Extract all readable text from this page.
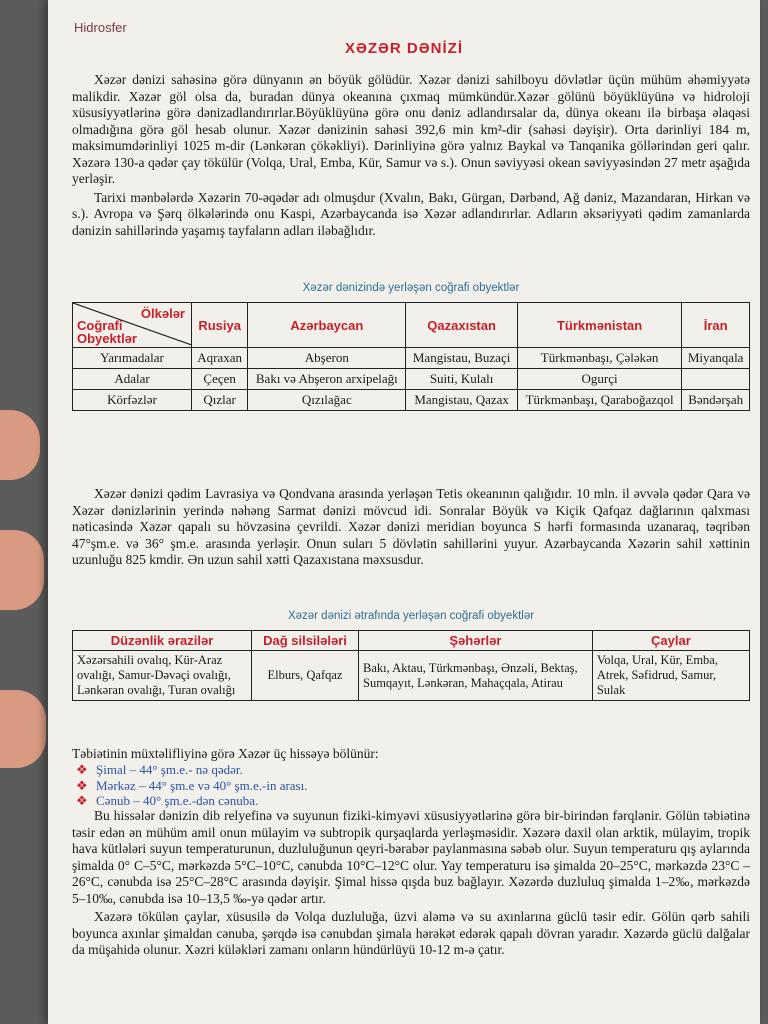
Hidrosfer
XƏZƏR DƏNİZİ

Xəzər dənizi sahəsinə görə dünyanın ən böyük gölüdür. Xəzər dənizi sahilboyu dövlətlər üçün mühüm əhəmiyyətə malikdir. Xəzər göl olsa da, buradan dünya okeanına çıxmaq mümkündür.Xəzər gölünü böyüklüyünə və hidroloji xüsusiyyətlərinə görə dənizadlandırırlar.Böyüklüyünə görə onu dəniz adlandırsalar da, dünya okeanı ilə birbaşa əlaqəsi olmadığına görə göl hesab olunur. Xəzər dənizinin sahəsi 392,6 min km²-dir (sahəsi dəyişir). Orta dərinliyi 184 m, maksimumdərinliyi 1025 m-dir (Lənkəran çökəkliyi). Dərinliyinə görə yalnız Baykal və Tanqanika göllərindən geri qalır. Xəzərə 130-a qədər çay tökülür (Volqa, Ural, Emba, Kür, Samur və s.). Onun səviyyəsi okean səviyyəsindən 27 metr aşağıda yerləşir.

Tarixi mənbələrdə Xəzərin 70-əqədər adı olmuşdur (Xvalın, Bakı, Gürgan, Dərbənd, Ağ dəniz, Mazandaran, Hirkan və s.). Avropa və Şərq ölkələrində onu Kaspi, Azərbaycanda isə Xəzər adlandırırlar. Adların əksəriyyəti qədim zamanlarda dənizin sahillərində yaşamış tayfaların adları iləbağlıdır.

Xəzər dənizində yerləşən coğrafi obyektlər
Ölkələr
Coğrafi Obyektlər	Rusiya	Azərbaycan	Qazaxıstan	Türkmənistan	İran
Yarımadalar	Aqraxan	Abşeron	Mangistau, Buzaçi	Türkmənbaşı, Çələkən	Miyanqala
Adalar	Çeçen	Bakı və Abşeron arxipelağı	Suiti, Kulalı	Ogurçi	
Körfəzlər	Qızlar	Qızılağac	Mangistau, Qazax	Türkmənbaşı, Qaraboğazqol	Bəndərşah

Xəzər dənizi qədim Lavrasiya və Qondvana arasında yerləşən Tetis okeanının qalığıdır. 10 mln. il əvvələ qədər Qara və Xəzər dənizlərinin yerində nəhəng Sarmat dənizi mövcud idi. Sonralar Böyük və Kiçik Qafqaz dağlarının qalxması nəticəsində Xəzər qapalı su hövzəsinə çevrildi. Xəzər dənizi meridian boyunca S hərfi formasında uzanaraq, təqribən 47°şm.e. və 36° şm.e. arasında yerləşir. Onun suları 5 dövlətin sahillərini yuyur. Azərbaycanda Xəzərin sahil xəttinin uzunluğu 825 kmdir. Ən uzun sahil xətti Qazaxıstana məxsusdur.

Xəzər dənizi ətrafında yerləşən coğrafi obyektlər
Düzənlik ərazilər	Dağ silsilələri	Şəhərlər	Çaylar
Xəzərsahili ovalıq, Kür-Araz ovalığı, Samur-Dəvəçi ovalığı, Lənkəran ovalığı, Turan ovalığı	Elburs, Qafqaz	Bakı, Aktau, Türkmənbaşı, Ənzəli, Bektaş, Sumqayıt, Lənkəran, Mahaçqala, Atirau	Volqa, Ural, Kür, Emba, Atrek, Səfidrud, Samur, Sulak
Təbiətinin müxtəlifliyinə görə Xəzər üç hissəyə bölünür:
❖ Şimal – 44° şm.e.- nə qədər.
❖ Mərkəz – 44° şm.e və 40° şm.e.-in arası.
❖ Cənub – 40° şm.e.-dən cənuba.

Bu hissələr dənizin dib relyefinə və suyunun fiziki-kimyəvi xüsusiyyətlərinə görə bir-birindən fərqlənir. Gölün təbiətinə təsir edən ən mühüm amil onun mülayim və subtropik qurşaqlarda yerləşməsidir. Xəzərə daxil olan arktik, mülayim, tropik hava kütlələri suyun temperaturunun, duzluluğunun qeyri-bərabər paylanmasına səbəb olur. Suyun temperaturu qış aylarında şimalda 0° C–5°C, mərkəzdə 5°C–10°C, cənubda 10°C–12°C olur. Yay temperaturu isə şimalda 20–25°C, mərkəzdə 23°C –26°C, cənubda isə 25°C–28°C arasında dəyişir. Şimal hissə qışda buz bağlayır. Xəzərdə duzluluq şimalda 1–2‰, mərkəzdə 5–10‰, cənubda isə 10–13,5 ‰-yə qədər artır.

Xəzərə tökülən çaylar, xüsusilə də Volqa duzluluğa, üzvi aləmə və su axınlarına güclü təsir edir. Gölün qərb sahili boyunca axınlar şimaldan cənuba, şərqdə isə cənubdan şimala hərəkət edərək qapalı dövran yaradır. Xəzərdə güclü dalğalar da müşahidə olunur. Xəzri küləkləri zamanı onların hündürlüyü 10-12 m-ə çatır.
